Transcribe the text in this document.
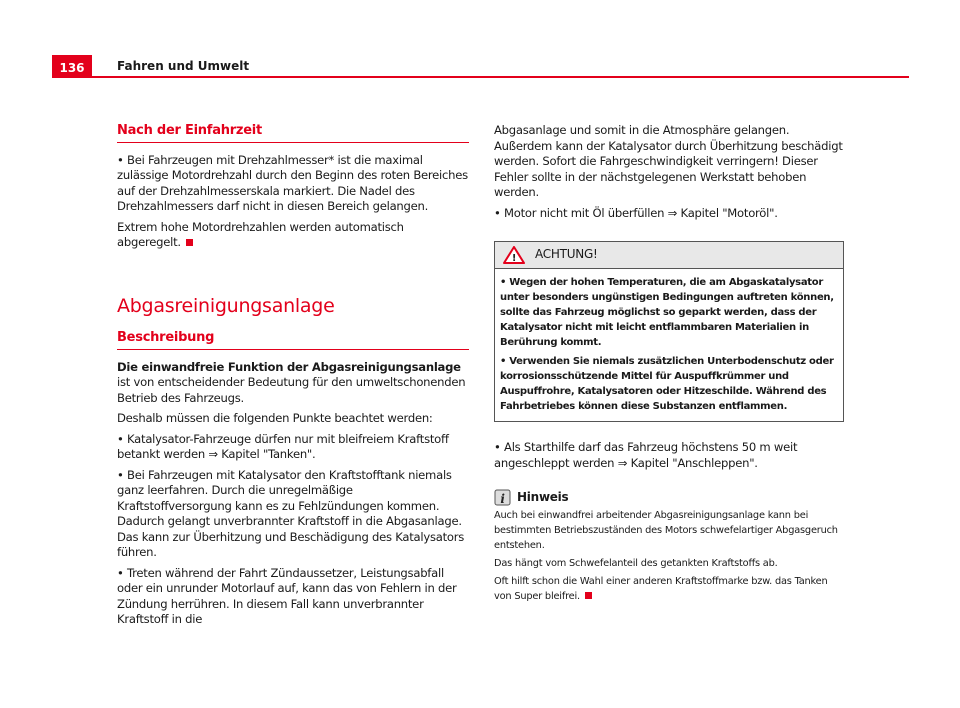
136	Fahren und Umwelt
Nach der Einfahrzeit

• Bei Fahrzeugen mit Drehzahlmesser* ist die maximal zulässige Motordrehzahl durch den Beginn des roten Bereiches auf der Drehzahlmesserskala markiert. Die Nadel des Drehzahlmessers darf nicht in diesen Bereich gelangen.

Extrem hohe Motordrehzahlen werden automatisch abgeregelt.

Abgasreinigungsanlage
Beschreibung

Die einwandfreie Funktion der Abgasreinigungsanlage ist von entscheidender Bedeutung für den umweltschonenden Betrieb des Fahrzeugs.

Deshalb müssen die folgenden Punkte beachtet werden:

• Katalysator-Fahrzeuge dürfen nur mit bleifreiem Kraftstoff betankt werden ⇒ Kapitel "Tanken".

• Bei Fahrzeugen mit Katalysator den Kraftstofftank niemals ganz leerfahren. Durch die unregelmäßige Kraftstoffversorgung kann es zu Fehlzündungen kommen. Dadurch gelangt unverbrannter Kraftstoff in die Abgasanlage. Das kann zur Überhitzung und Beschädigung des Katalysators führen.

• Treten während der Fahrt Zündaussetzer, Leistungsabfall oder ein unrunder Motorlauf auf, kann das von Fehlern in der Zündung herrühren. In diesem Fall kann unverbrannter Kraftstoff in die

Abgasanlage und somit in die Atmosphäre gelangen. Außerdem kann der Katalysator durch Überhitzung beschädigt werden. Sofort die Fahrgeschwindigkeit verringern! Dieser Fehler sollte in der nächstgelegenen Werkstatt behoben werden.

• Motor nicht mit Öl überfüllen ⇒ Kapitel "Motoröl".

! ACHTUNG!

• Wegen der hohen Temperaturen, die am Abgaskatalysator unter besonders ungünstigen Bedingungen auftreten können, sollte das Fahrzeug möglichst so geparkt werden, dass der Katalysator nicht mit leicht entflammbaren Materialien in Berührung kommt.

• Verwenden Sie niemals zusätzlichen Unterbodenschutz oder korrosionsschützende Mittel für Auspuffkrümmer und Auspuffrohre, Katalysatoren oder Hitzeschilde. Während des Fahrbetriebes können diese Substanzen entflammen.

• Als Starthilfe darf das Fahrzeug höchstens 50 m weit angeschleppt werden ⇒ Kapitel "Anschleppen".

i Hinweis

Auch bei einwandfrei arbeitender Abgasreinigungsanlage kann bei bestimmten Betriebszuständen des Motors schwefelartiger Abgasgeruch entstehen.

Das hängt vom Schwefelanteil des getankten Kraftstoffs ab.

Oft hilft schon die Wahl einer anderen Kraftstoffmarke bzw. das Tanken von Super bleifrei.
